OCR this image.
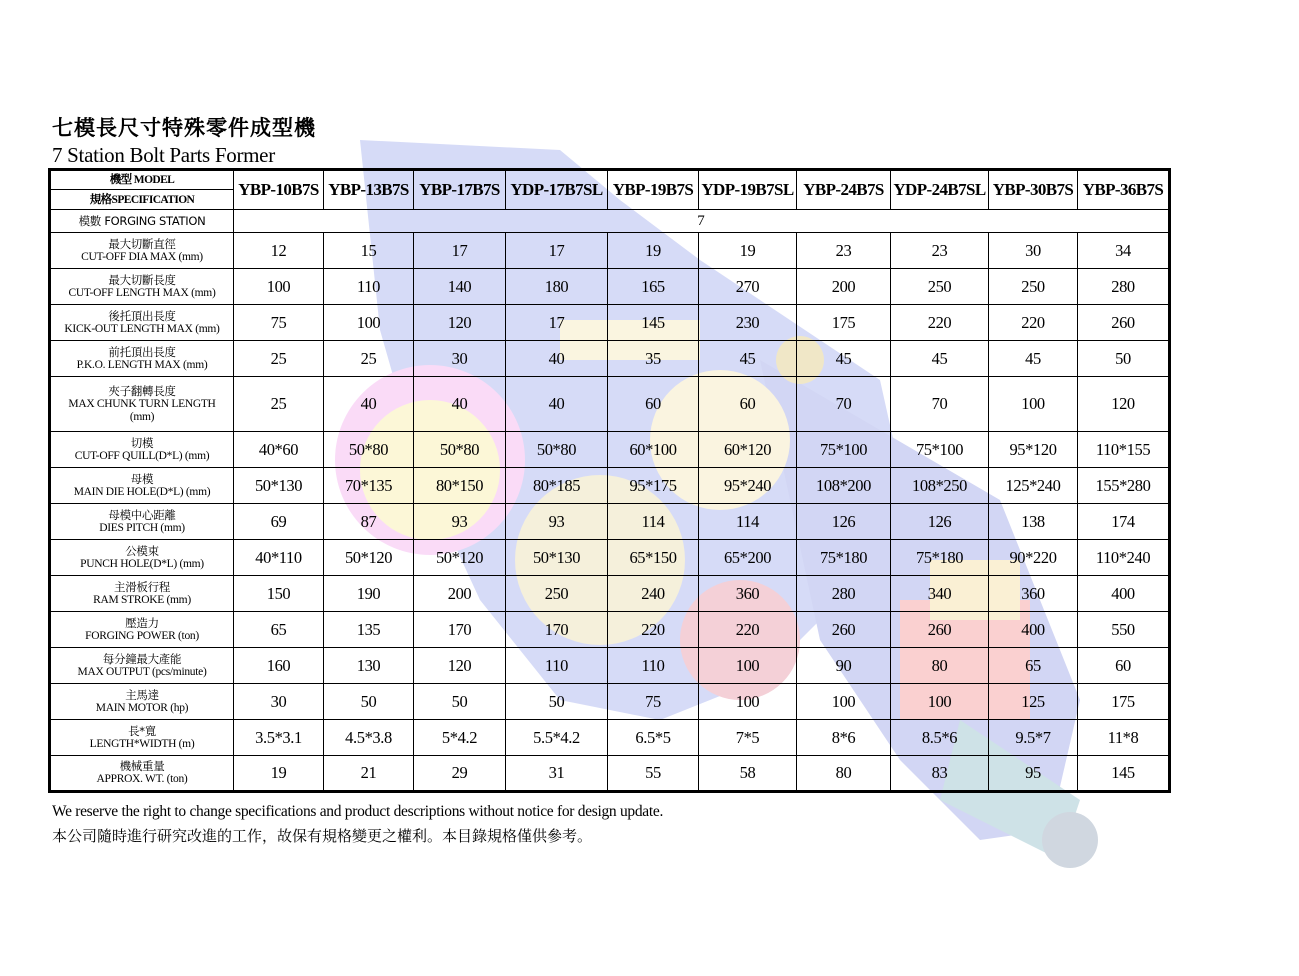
七模長尺寸特殊零件成型機
7 Station Bolt Parts Former
機型 MODEL
規格SPECIFICATION	YBP-10B7S	YBP-13B7S	YBP-17B7S	YDP-17B7SL	YBP-19B7S	YDP-19B7SL	YBP-24B7S	YDP-24B7SL	YBP-30B7S	YBP-36B7S

模數 FORGING STATION	7									

最大切斷直徑
CUT-OFF DIA MAX (mm)	12	15	17	17	19	19	23	23	30	34

最大切斷長度
CUT-OFF LENGTH MAX (mm)	100	110	140	180	165	270	200	250	250	280

後托頂出長度
KICK-OUT LENGTH MAX (mm)	75	100	120	17	145	230	175	220	220	260

前托頂出長度
P.K.O. LENGTH MAX (mm)	25	25	30	40	35	45	45	45	45	50

夾子翻轉長度
MAX CHUNK TURN LENGTH
(mm)	25	40	40	40	60	60	70	70	100	120

切模
CUT-OFF QUILL(D*L) (mm)	40*60	50*80	50*80	50*80	60*100	60*120	75*100	75*100	95*120	110*155

母模
MAIN DIE HOLE(D*L) (mm)	50*130	70*135	80*150	80*185	95*175	95*240	108*200	108*250	125*240	155*280

母模中心距離
DIES PITCH (mm)	69	87	93	93	114	114	126	126	138	174

公模束
PUNCH HOLE(D*L) (mm)	40*110	50*120	50*120	50*130	65*150	65*200	75*180	75*180	90*220	110*240

主滑板行程
RAM STROKE (mm)	150	190	200	250	240	360	280	340	360	400

壓造力
FORGING POWER (ton)	65	135	170	170	220	220	260	260	400	550

每分鐘最大產能
MAX OUTPUT (pcs/minute)	160	130	120	110	110	100	90	80	65	60

主馬達
MAIN MOTOR (hp)	30	50	50	50	75	100	100	100	125	175

長*寬
LENGTH*WIDTH (m)	3.5*3.1	4.5*3.8	5*4.2	5.5*4.2	6.5*5	7*5	8*6	8.5*6	9.5*7	11*8

機械重量
APPROX. WT. (ton)	19	21	29	31	55	58	80	83	95	145
We reserve the right to change specifications and product descriptions without notice for design update.
本公司隨時進行研究改進的工作，故保有規格變更之權利。本目錄規格僅供參考。
